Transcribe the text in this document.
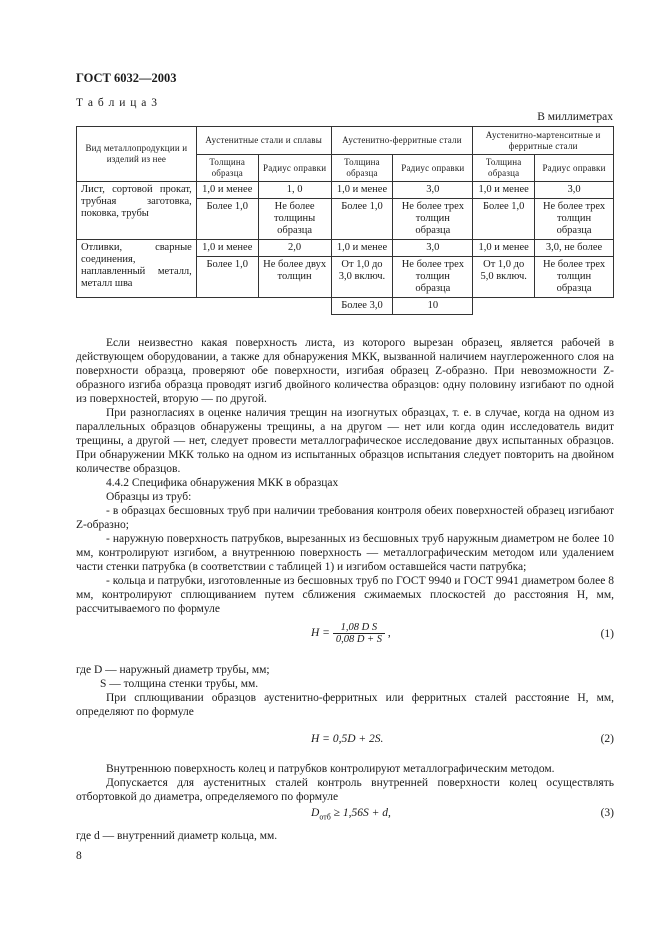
ГОСТ 6032—2003
Т а б л и ц а 3
В миллиметрах
Вид металлопродукции и изделий из нее	Аустенитные стали и сплавы		Аустенитно-ферритные стали		Аустенитно-мартенситные и ферритные стали	
	Толщина образца	Радиус оправки	Толщина образца	Радиус оправки	Толщина образца	Радиус оправки
Лист, сортовой прокат, трубная заготовка, поковка, трубы	1,0 и менее	1, 0	1,0 и менее	3,0	1,0 и менее	3,0
	Более 1,0	Не более толщины образца	Более 1,0	Не более трех толщин образца	Более 1,0	Не более трех толщин образца
Отливки, сварные соединения, наплавленный металл, металл шва	1,0 и менее	2,0	1,0 и менее	3,0	1,0 и менее	3,0, не более
	Более 1,0	Не более двух толщин	От 1,0 до 3,0 включ.	Не более трех толщин образца	От 1,0 до 5,0 включ.	Не более трех толщин образца
			Более 3,0	10		

Если неизвестно какая поверхность листа, из которого вырезан образец, является рабочей в действующем оборудовании, а также для обнаружения МКК, вызванной наличием науглероженного слоя на поверхности образца, проверяют обе поверхности, изгибая образец Z-образно. При невозможности Z-образного изгиба образца проводят изгиб двойного количества образцов: одну половину изгибают по одной из поверхностей, вторую — по другой.

При разногласиях в оценке наличия трещин на изогнутых образцах, т. е. в случае, когда на одном из параллельных образцов обнаружены трещины, а на другом — нет или когда один исследователь видит трещины, а другой — нет, следует провести металлографическое исследование двух испытанных образцов. При обнаружении МКК только на одном из испытанных образцов испытания следует повторить на двойном количестве образцов.

4.4.2 Специфика обнаружения МКК в образцах

Образцы из труб:

- в образцах бесшовных труб при наличии требования контроля обеих поверхностей образец изгибают Z-образно;

- наружную поверхность патрубков, вырезанных из бесшовных труб наружным диаметром не более 10 мм, контролируют изгибом, а внутреннюю поверхность — металлографическим методом или удалением части стенки патрубка (в соответствии с таблицей 1) и изгибом оставшейся части патрубка;

- кольца и патрубки, изготовленные из бесшовных труб по ГОСТ 9940 и ГОСТ 9941 диаметром более 8 мм, контролируют сплющиванием путем сближения сжимаемых плоскостей до расстояния H, мм, рассчитываемого по формуле

$H = \frac{\text{1,08 D S}}{0,08 D + S}$ ,	(1)

где D — наружный диаметр трубы, мм;

S — толщина стенки трубы, мм.

При сплющивании образцов аустенитно-ферритных или ферритных сталей расстояние H, мм, определяют по формуле

H = 0,5D + 2S.	(2)

Внутреннюю поверхность колец и патрубков контролируют металлографическим методом.

Допускается для аустенитных сталей контроль внутренней поверхности колец осуществлять отбортовкой до диаметра, определяемого по формуле

$D_{отб} \ge 1,56S + d$,	(3)

где d — внутренний диаметр кольца, мм.

8
